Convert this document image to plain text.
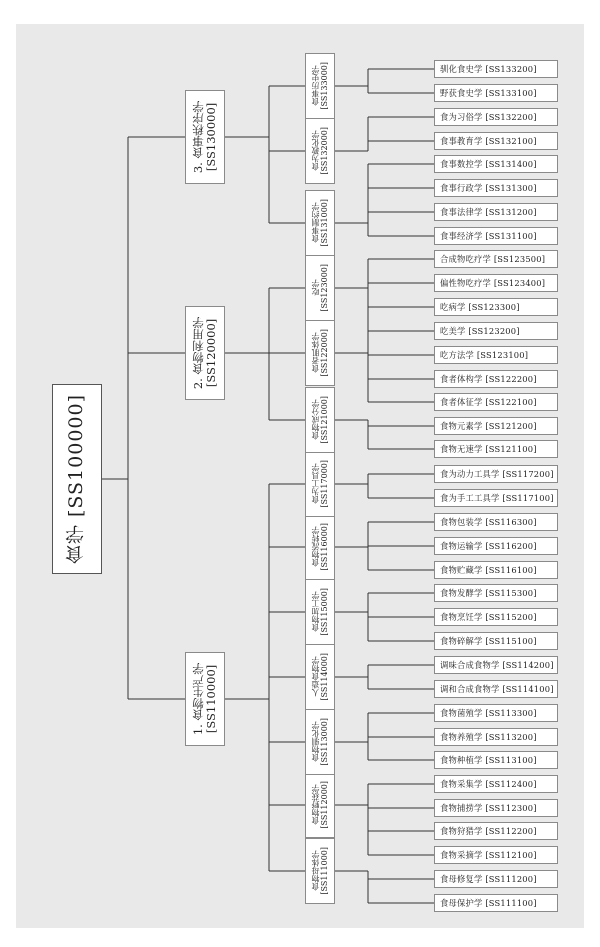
食学 [SS100000]
1. 食物生产学
[SS110000]
食物母体学
[SS111000]
食母保护学 [SS111100]
食母修复学 [SS111200]
食物野获学
[SS112000]
食物采摘学 [SS112100]
食物狩猎学 [SS112200]
食物捕捞学 [SS112300]
食物采集学 [SS112400]
食物驯化学
[SS113000]	食物种植学 [SS113100]
食物养殖学 [SS113200]
食物菌殖学 [SS113300]
人造食物学
[SS114000]	调和合成食物学 [SS114100]
调味合成食物学 [SS114200]
食物加工学
[SS115000]
食物碎解学 [SS115100]
食物烹饪学 [SS115200]
食物发酵学 [SS115300]
食物流转学
[SS116000]	食物贮藏学 [SS116100]
食物运输学 [SS116200]
食物包装学 [SS116300]
食为工具学
[SS117000]	食为手工工具学 [SS117100]
食为动力工具学 [SS117200]
2. 食物利用学
[SS120000]
食物成分学
[SS121000]
食物无速学 [SS121100]
食物元素学 [SS121200]
食者肌体学
[SS122000]
食者体征学 [SS122100]
食者体构学 [SS122200]
吃学
[SS123000]
吃方法学 [SS123100]
吃美学 [SS123200]
吃病学 [SS123300]
偏性物吃疗学 [SS123400]
合成物吃疗学 [SS123500]
3. 食事秩序学
[SS130000]
食事制约学
[SS131000]	食事经济学 [SS131100]
食事法律学 [SS131200]
食事行政学 [SS131300]
食事数控学 [SS131400]
食为教化学
[SS132000]	食事教育学 [SS132100]
食为习俗学 [SS132200]
食事历史学
[SS133000]	野获食史学 [SS133100]
驯化食史学 [SS133200]
